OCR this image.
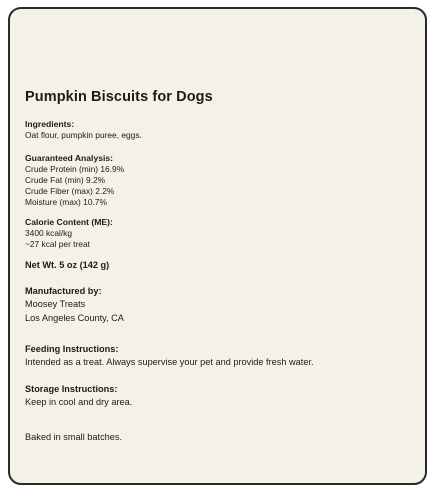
Pumpkin Biscuits for Dogs
Ingredients:
Oat flour, pumpkin puree, eggs.
Guaranteed Analysis:
Crude Protein (min) 16.9%
Crude Fat (min) 9.2%
Crude Fiber (max) 2.2%
Moisture (max) 10.7%
Calorie Content (ME):
3400 kcal/kg
~27 kcal per treat
Net Wt. 5 oz (142 g)
Manufactured by:
Moosey Treats
Los Angeles County, CA
Feeding Instructions:
Intended as a treat. Always supervise your pet and provide fresh water.
Storage Instructions:
Keep in cool and dry area.
Baked in small batches.
